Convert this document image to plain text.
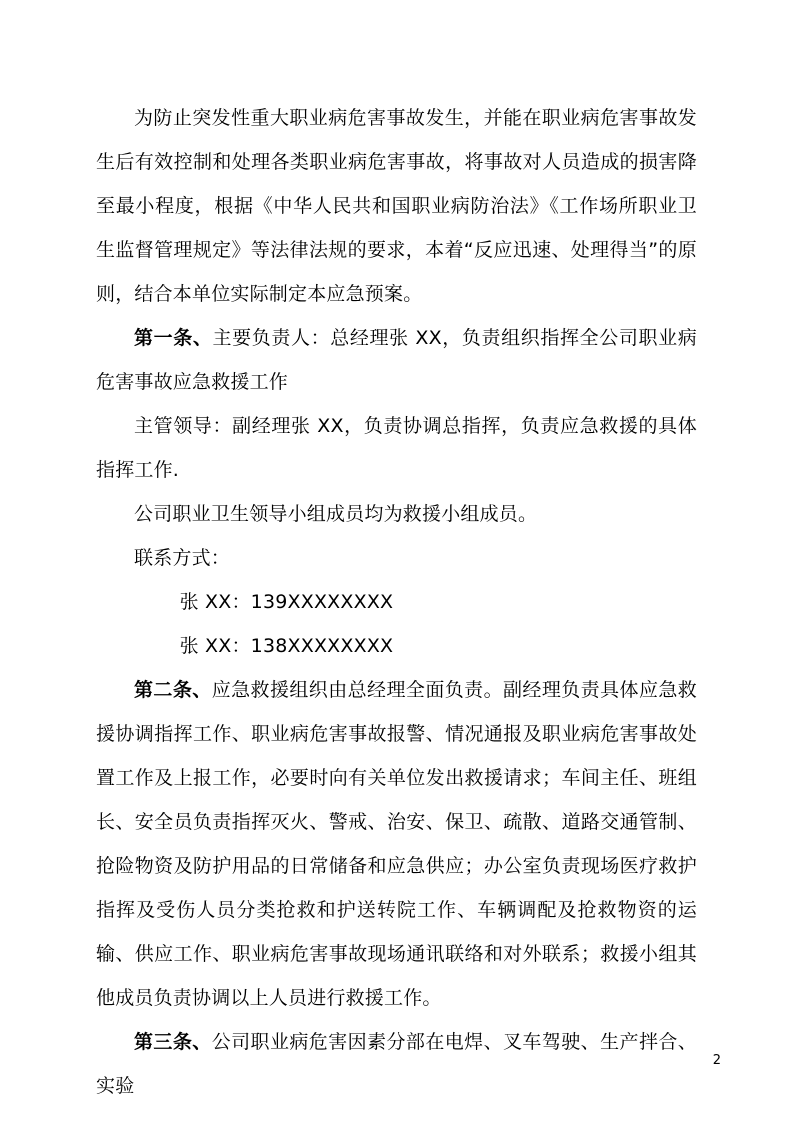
为防止突发性重大职业病危害事故发生，并能在职业病危害事故发生后有效控制和处理各类职业病危害事故，将事故对人员造成的损害降至最小程度，根据《中华人民共和国职业病防治法》《工作场所职业卫生监督管理规定》等法律法规的要求，本着“反应迅速、处理得当”的原则，结合本单位实际制定本应急预案。

第一条、主要负责人：总经理张 XX，负责组织指挥全公司职业病危害事故应急救援工作

主管领导：副经理张 XX，负责协调总指挥，负责应急救援的具体指挥工作.

公司职业卫生领导小组成员均为救援小组成员。

联系方式：

张 XX：139XXXXXXXX

张 XX：138XXXXXXXX

第二条、应急救援组织由总经理全面负责。副经理负责具体应急救援协调指挥工作、职业病危害事故报警、情况通报及职业病危害事故处置工作及上报工作，必要时向有关单位发出救援请求；车间主任、班组长、安全员负责指挥灭火、警戒、治安、保卫、疏散、道路交通管制、抢险物资及防护用品的日常储备和应急供应；办公室负责现场医疗救护指挥及受伤人员分类抢救和护送转院工作、车辆调配及抢救物资的运输、供应工作、职业病危害事故现场通讯联络和对外联系；救援小组其他成员负责协调以上人员进行救援工作。

第三条、公司职业病危害因素分部在电焊、叉车驾驶、生产拌合、实验

2
